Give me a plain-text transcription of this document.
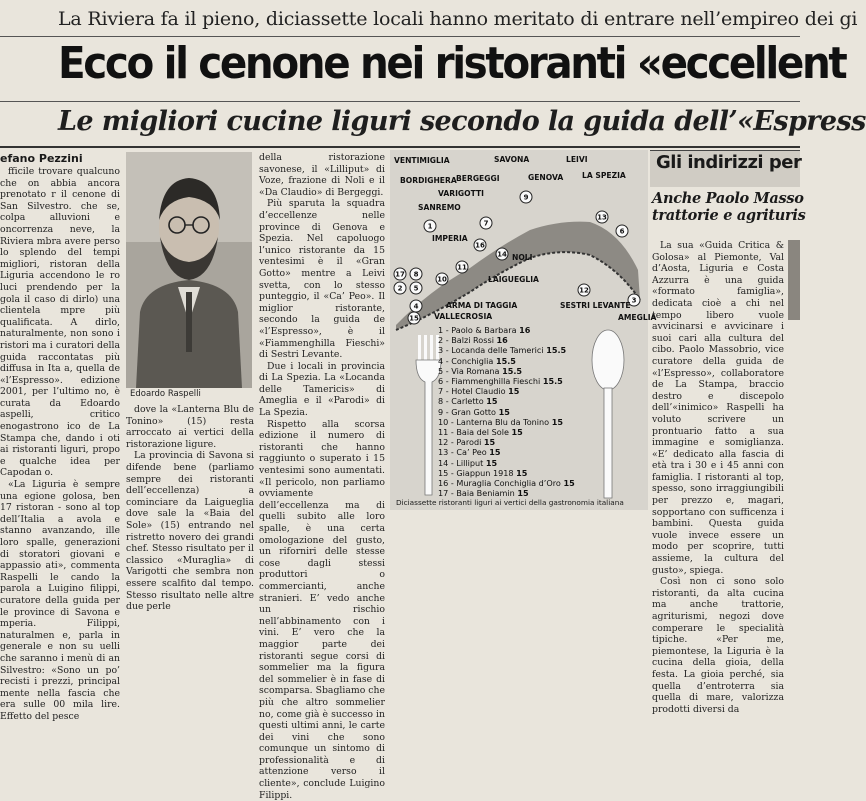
La Riviera fa il pieno, diciassette locali hanno meritato di entrare nell’empireo dei gi
Ecco il cenone nei ristoranti «eccellent
Le migliori cucine liguri secondo la guida dell’«Espress
efano Pezzini

fficile trovare qualcuno che on abbia ancora prenotato r il cenone di San Silvestro. che se, colpa alluvioni e oncorrenza neve, la Riviera mbra avere perso lo splendo del tempi migliori, ristoran della Liguria accendono le ro luci prendendo per la gola il caso di dirlo) una clientela mpre più qualificata. A dirlo, naturalmente, non sono i ristori ma i curatori della guida raccontatas più diffusa in Ita a, quella de «l’Espresso». edizione 2001, per l’ultimo no, è curata da Edoardo aspelli, critico enogastrono ico de La Stampa che, dando i oti ai ristoranti liguri, propo e qualche idea per Capodan o.

«La Liguria è sempre una egione golosa, ben 17 ristoran - sono al top dell’Italia a avola e stanno avanzando, ille loro spalle, generazioni di storatori giovani e appassio ati», commenta Raspelli le cando la parola a Luigino filippi, curatore della guida per le province di Savona e mperia. Filippi, naturalmen e, parla in generale e non su uelli che saranno i menù di an Silvestro: «Sono un po’ recisti i prezzi, principal mente nella fascia che era sulle 00 mila lire. Effetto del pesce

Edoardo Raspelli

dove la «Lanterna Blu de Tonino» (15) resta arroccato ai vertici della ristorazione ligure.

La provincia di Savona si difende bene (parliamo sempre dei ristoranti dell’eccellenza) a cominciare da Laigueglia dove sale la «Baia del Sole» (15) entrando nel ristretto novero dei grandi chef. Stesso risultato per il classico «Muraglia» di Varigotti che sembra non essere scalfito dal tempo. Stesso risultato nelle altre due perle

della ristorazione savonese, il «Lilliput» di Voze, frazione di Noli e il «Da Claudio» di Bergeggi.

Più sparuta la squadra d’eccellenze nelle province di Genova e Spezia. Nel capoluogo l’unico ristorante da 15 ventesimi è il «Gran Gotto» mentre a Leivi svetta, con lo stesso punteggio, il «Ca’ Peo». Il miglior ristorante, secondo la guida de «l’Espresso», è il «Fiammenghilla Fieschi» di Sestri Levante.

Due i locali in provincia di La Spezia. La «Locanda delle Tamericis» di Ameglia e il «Parodi» di La Spezia.

Rispetto alla scorsa edizione il numero di ristoranti che hanno raggiunto o superato i 15 ventesimi sono aumentati. «Il pericolo, non parliamo ovviamente dell’eccellenza ma di quelli subito alle loro spalle, è una certa omologazione del gusto, un riforniri delle stesse cose dagli stessi produttori o commercianti, anche stranieri. E’ vedo anche un rischio nell’abbinamento con i vini. E’ vero che la maggior parte dei ristoranti segue corsi di sommelier ma la figura del sommelier è in fase di scomparsa. Sbagliamo che più che altro sommelier no, come già è successo in questi ultimi anni, le carte dei vini che sono comunque un sintomo di professionalità e di attenzione verso il cliente», conclude Luigino Filippi.

17 8
2 5
1
10
4
15
14
11
16
7
9
13
6
12
3
VENTIMIGLIA
BORDIGHERA
SANREMO
BERGEGGI
VARIGOTTI
IMPERIA
SAVONA
NOLI
LAIGUEGLIA
ARMA DI TAGGIA
VALLECROSIA
GENOVA
LEIVI
LA SPEZIA
SESTRI LEVANTE
AMEGLIA
1 - Paolo & Barbara 16
2 - Balzi Rossi 16
3 - Locanda delle Tamerici 15.5
4 - Conchiglia 15.5
5 - Via Romana 15.5
6 - Fiammenghilla Fieschi 15.5
7 - Hotel Claudio 15
8 - Carletto 15
9 - Gran Gotto 15
10 - Lanterna Blu da Tonino 15
11 - Baia del Sole 15
12 - Parodi 15
13 - Ca’ Peo 15
14 - Lilliput 15
15 - Giappun 1918 15
16 - Muraglia Conchiglia d’Oro 15
17 - Baia Beniamin 15
Diciassette ristoranti liguri ai vertici della gastronomia italiana
Gli indirizzi per
Anche Paolo Masso
trattorie e agrituris

La sua «Guida Critica & Golosa» al Piemonte, Val d’Aosta, Liguria e Costa Azzurra è una guida «formato famiglia», dedicata cioè a chi nel tempo libero vuole avvicinarsi e avvicinare i suoi cari alla cultura del cibo. Paolo Massobrio, vice curatore della guida de «l’Espresso», collaboratore de La Stampa, braccio destro e discepolo dell’«inimico» Raspelli ha voluto scrivere un prontuario fatto a sua immagine e somiglianza. «E’ dedicato alla fascia di età tra i 30 e i 45 anni con famiglia. I ristoranti al top, spesso, sono irraggiungibili per prezzo e, magari, sopportano con sufficenza i bambini. Questa guida vuole invece essere un modo per scoprire, tutti assieme, la cultura del gusto», spiega.

Così non ci sono solo ristoranti, da alta cucina ma anche trattorie, agriturismi, negozi dove comperare le specialità tipiche. «Per me, piemontese, la Liguria è la cucina della gioia, della festa. La gioia perché, sia quella d’entroterra sia quella di mare, valorizza prodotti diversi da
